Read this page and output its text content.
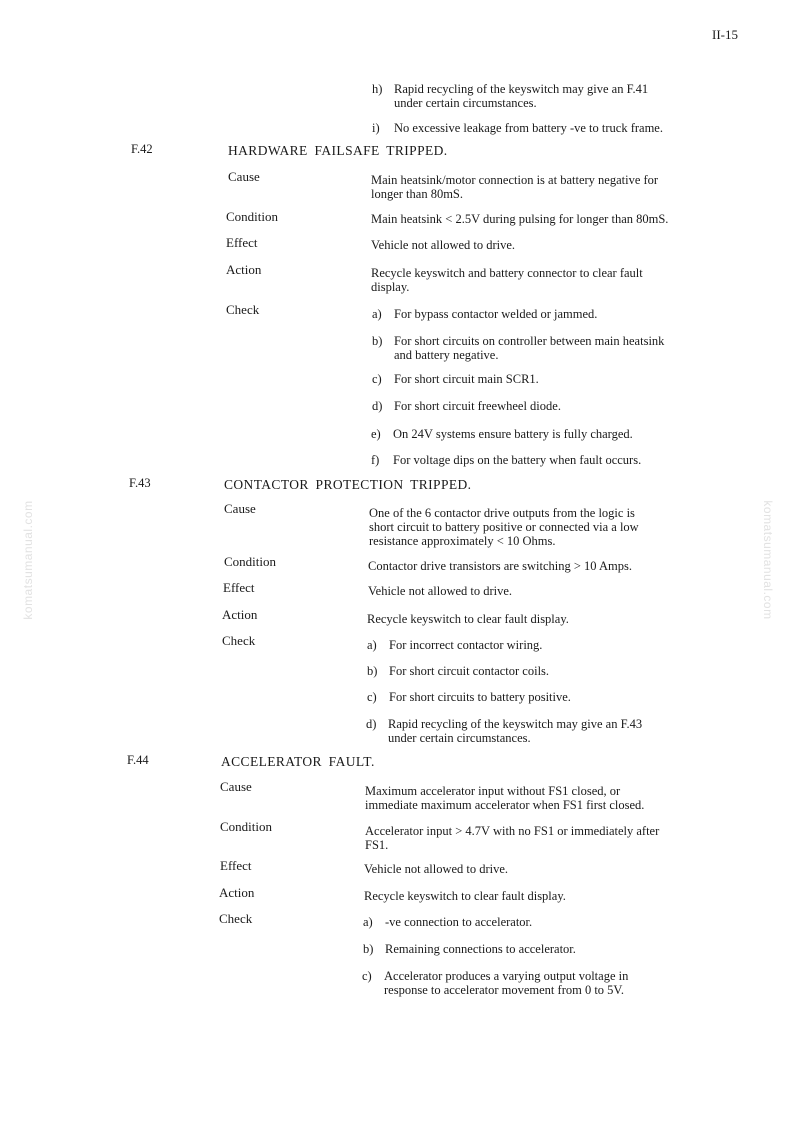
komatsumanual.com	komatsumanual.com
II-15
h) Rapid recycling of the keyswitch may give an F.41
under certain circumstances.
i) No excessive leakage from battery -ve to truck frame.
F.42	HARDWARE FAILSAFE TRIPPED.
Cause	Main heatsink/motor connection is at battery negative for
longer than 80mS.
Condition	Main heatsink < 2.5V during pulsing for longer than 80mS.
Effect	Vehicle not allowed to drive.
Action	Recycle keyswitch and battery connector to clear fault
display.
Check	a) For bypass contactor welded or jammed.
b) For short circuits on controller between main heatsink
and battery negative.
c) For short circuit main SCR1.
d) For short circuit freewheel diode.
e) On 24V systems ensure battery is fully charged.
f) For voltage dips on the battery when fault occurs.
F.43	CONTACTOR PROTECTION TRIPPED.
Cause	One of the 6 contactor drive outputs from the logic is
short circuit to battery positive or connected via a low
resistance approximately < 10 Ohms.
Condition	Contactor drive transistors are switching > 10 Amps.
Effect	Vehicle not allowed to drive.
Action	Recycle keyswitch to clear fault display.
Check	a) For incorrect contactor wiring.
b) For short circuit contactor coils.
c) For short circuits to battery positive.
d) Rapid recycling of the keyswitch may give an F.43
under certain circumstances.
F.44	ACCELERATOR FAULT.
Cause	Maximum accelerator input without FS1 closed, or
immediate maximum accelerator when FS1 first closed.
Condition	Accelerator input > 4.7V with no FS1 or immediately after
FS1.
Effect	Vehicle not allowed to drive.
Action	Recycle keyswitch to clear fault display.
Check	a) -ve connection to accelerator.
b) Remaining connections to accelerator.
c) Accelerator produces a varying output voltage in
response to accelerator movement from 0 to 5V.
